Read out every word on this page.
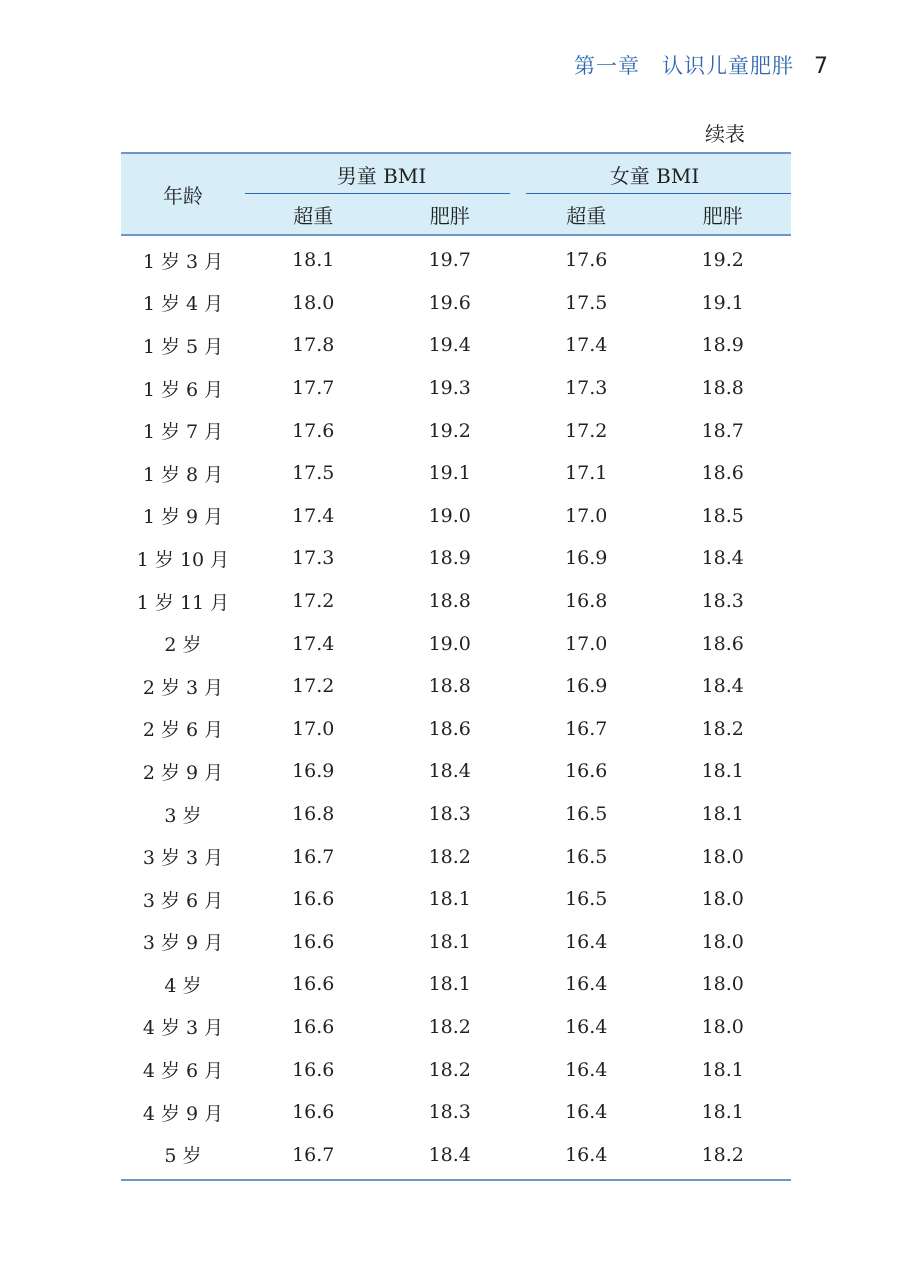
第一章　认识儿童肥胖 7
续表
年龄	男童 BMI		女童 BMI	

	超重	肥胖	超重	肥胖
1 岁 3 月	18.1	19.7	17.6	19.2
1 岁 4 月	18.0	19.6	17.5	19.1
1 岁 5 月	17.8	19.4	17.4	18.9
1 岁 6 月	17.7	19.3	17.3	18.8
1 岁 7 月	17.6	19.2	17.2	18.7
1 岁 8 月	17.5	19.1	17.1	18.6
1 岁 9 月	17.4	19.0	17.0	18.5
1 岁 10 月	17.3	18.9	16.9	18.4
1 岁 11 月	17.2	18.8	16.8	18.3
2 岁	17.4	19.0	17.0	18.6
2 岁 3 月	17.2	18.8	16.9	18.4
2 岁 6 月	17.0	18.6	16.7	18.2
2 岁 9 月	16.9	18.4	16.6	18.1
3 岁	16.8	18.3	16.5	18.1
3 岁 3 月	16.7	18.2	16.5	18.0
3 岁 6 月	16.6	18.1	16.5	18.0
3 岁 9 月	16.6	18.1	16.4	18.0
4 岁	16.6	18.1	16.4	18.0
4 岁 3 月	16.6	18.2	16.4	18.0
4 岁 6 月	16.6	18.2	16.4	18.1
4 岁 9 月	16.6	18.3	16.4	18.1
5 岁	16.7	18.4	16.4	18.2
